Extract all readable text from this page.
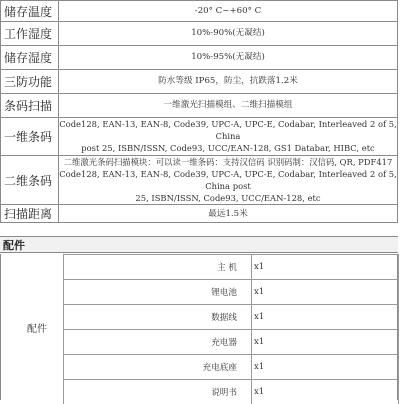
储存温度	-20° C~+60° C
工作湿度	10%-90%(无凝结)
储存湿度	10%-95%(无凝结)
三防功能	防水等级 IP65，防尘，抗跌落1.2米
条码扫描	一维激光扫描模组、二维扫描模组
一维条码	Code128, EAN-13, EAN-8, Code39, UPC-A, UPC-E, Codabar, Interleaved 2 of 5, China
post 25, ISBN/ISSN, Code93, UCC/EAN-128, GS1 Databar, HIBC, etc

二维条码	二维激光条码扫描模块：可以读一维条码：支持汉信码 识别码制：汉信码, QR, PDF417
Code128, EAN-13, EAN-8, Code39, UPC-A, UPC-E, Codabar, Interleaved 2 of 5, China post
25, ISBN/ISSN, Code93, UCC/EAN-128, etc

扫描距离	最远1.5米
配件
配件
主 机	x1
锂电池	x1
数据线	x1
充电器	x1
充电底座	x1
说明书	x1
